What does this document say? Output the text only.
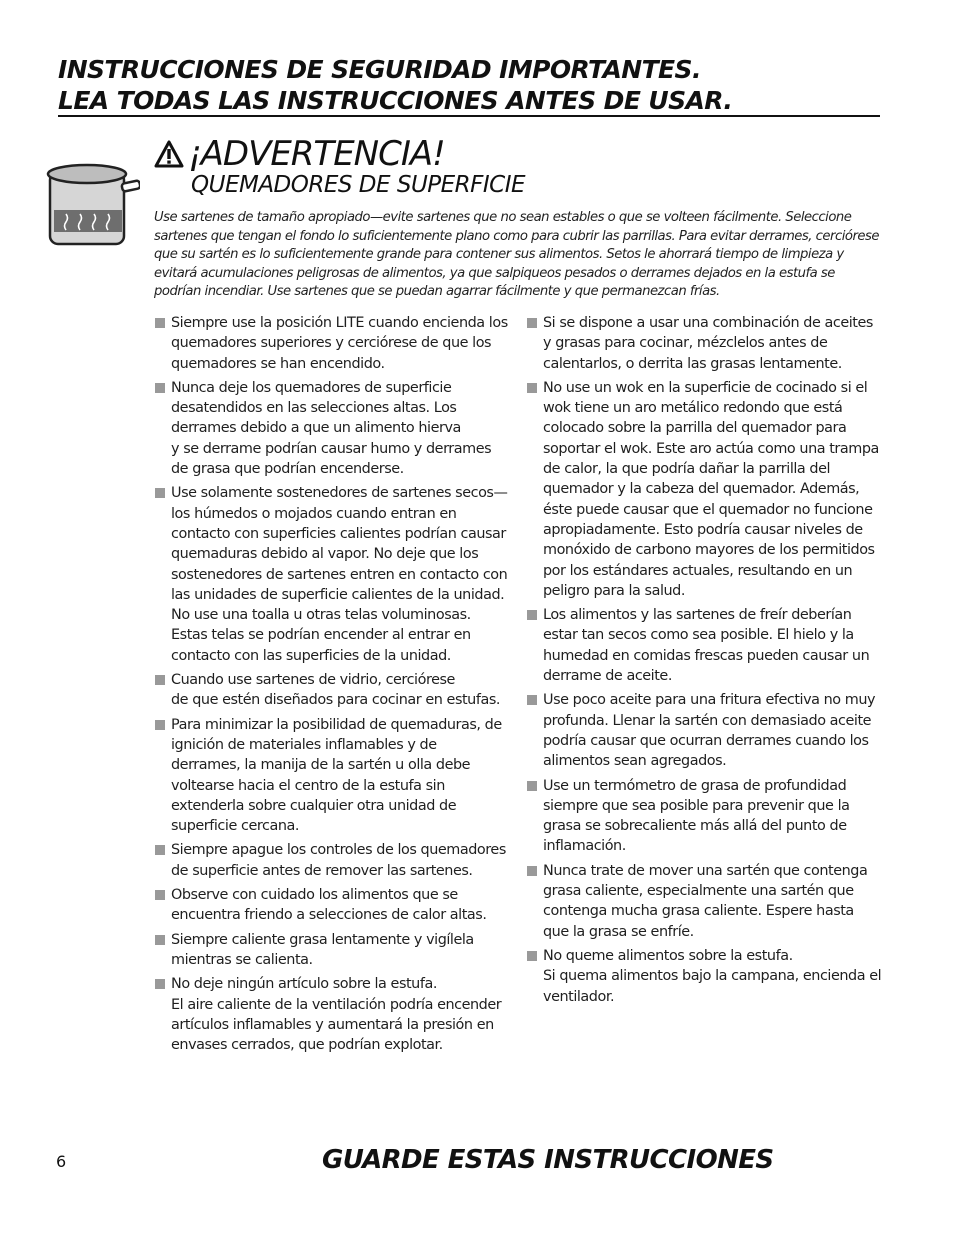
INSTRUCCIONES DE SEGURIDAD IMPORTANTES.
LEA TODAS LAS INSTRUCCIONES ANTES DE USAR.
¡ADVERTENCIA!
QUEMADORES DE SUPERFICIE
Use sartenes de tamaño apropiado—evite sartenes que no sean estables o que se volteen fácilmente. Seleccione sartenes que tengan el fondo lo suficientemente plano como para cubrir las parrillas. Para evitar derrames, cerciórese que su sartén es lo suficientemente grande para contener sus alimentos. Setos le ahorrará tiempo de limpieza y evitará acumulaciones peligrosas de alimentos, ya que salpiqueos pesados o derrames dejados en la estufa se podrían incendiar. Use sartenes que se puedan agarrar fácilmente y que permanezcan frías.
Siempre use la posición LITE cuando encienda los quemadores superiores y cerciórese de que los quemadores se han encendido.
Nunca deje los quemadores de superficie desatendidos en las selecciones altas. Los derrames debido a que un alimento hierva
y se derrame podrían causar humo y derrames de grasa que podrían encenderse.
Use solamente sostenedores de sartenes secos—los húmedos o mojados cuando entran en contacto con superficies calientes podrían causar quemaduras debido al vapor. No deje que los sostenedores de sartenes entren en contacto con las unidades de superficie calientes de la unidad. No use una toalla u otras telas voluminosas. Estas telas se podrían encender al entrar en contacto con las superficies de la unidad.
Cuando use sartenes de vidrio, cerciórese
de que estén diseñados para cocinar en estufas.
Para minimizar la posibilidad de quemaduras, de ignición de materiales inflamables y de derrames, la manija de la sartén u olla debe voltearse hacia el centro de la estufa sin extenderla sobre cualquier otra unidad de superficie cercana.
Siempre apague los controles de los quemadores de superficie antes de remover las sartenes.
Observe con cuidado los alimentos que se encuentra friendo a selecciones de calor altas.
Siempre caliente grasa lentamente y vigílela mientras se calienta.
No deje ningún artículo sobre la estufa.
El aire caliente de la ventilación podría encender artículos inflamables y aumentará la presión en envases cerrados, que podrían explotar.
Si se dispone a usar una combinación de aceites y grasas para cocinar, mézclelos antes de calentarlos, o derrita las grasas lentamente.
No use un wok en la superficie de cocinado si el wok tiene un aro metálico redondo que está colocado sobre la parrilla del quemador para soportar el wok. Este aro actúa como una trampa de calor, la que podría dañar la parrilla del quemador y la cabeza del quemador. Además, éste puede causar que el quemador no funcione apropiadamente. Esto podría causar niveles de monóxido de carbono mayores de los permitidos por los estándares actuales, resultando en un peligro para la salud.
Los alimentos y las sartenes de freír deberían estar tan secos como sea posible. El hielo y la humedad en comidas frescas pueden causar un derrame de aceite.
Use poco aceite para una fritura efectiva no muy profunda. Llenar la sartén con demasiado aceite podría causar que ocurran derrames cuando los alimentos sean agregados.
Use un termómetro de grasa de profundidad siempre que sea posible para prevenir que la grasa se sobrecaliente más allá del punto de inflamación.
Nunca trate de mover una sartén que contenga grasa caliente, especialmente una sartén que contenga mucha grasa caliente. Espere hasta que la grasa se enfríe.
No queme alimentos sobre la estufa.
Si quema alimentos bajo la campana, encienda el ventilador.
6	GUARDE ESTAS INSTRUCCIONES
